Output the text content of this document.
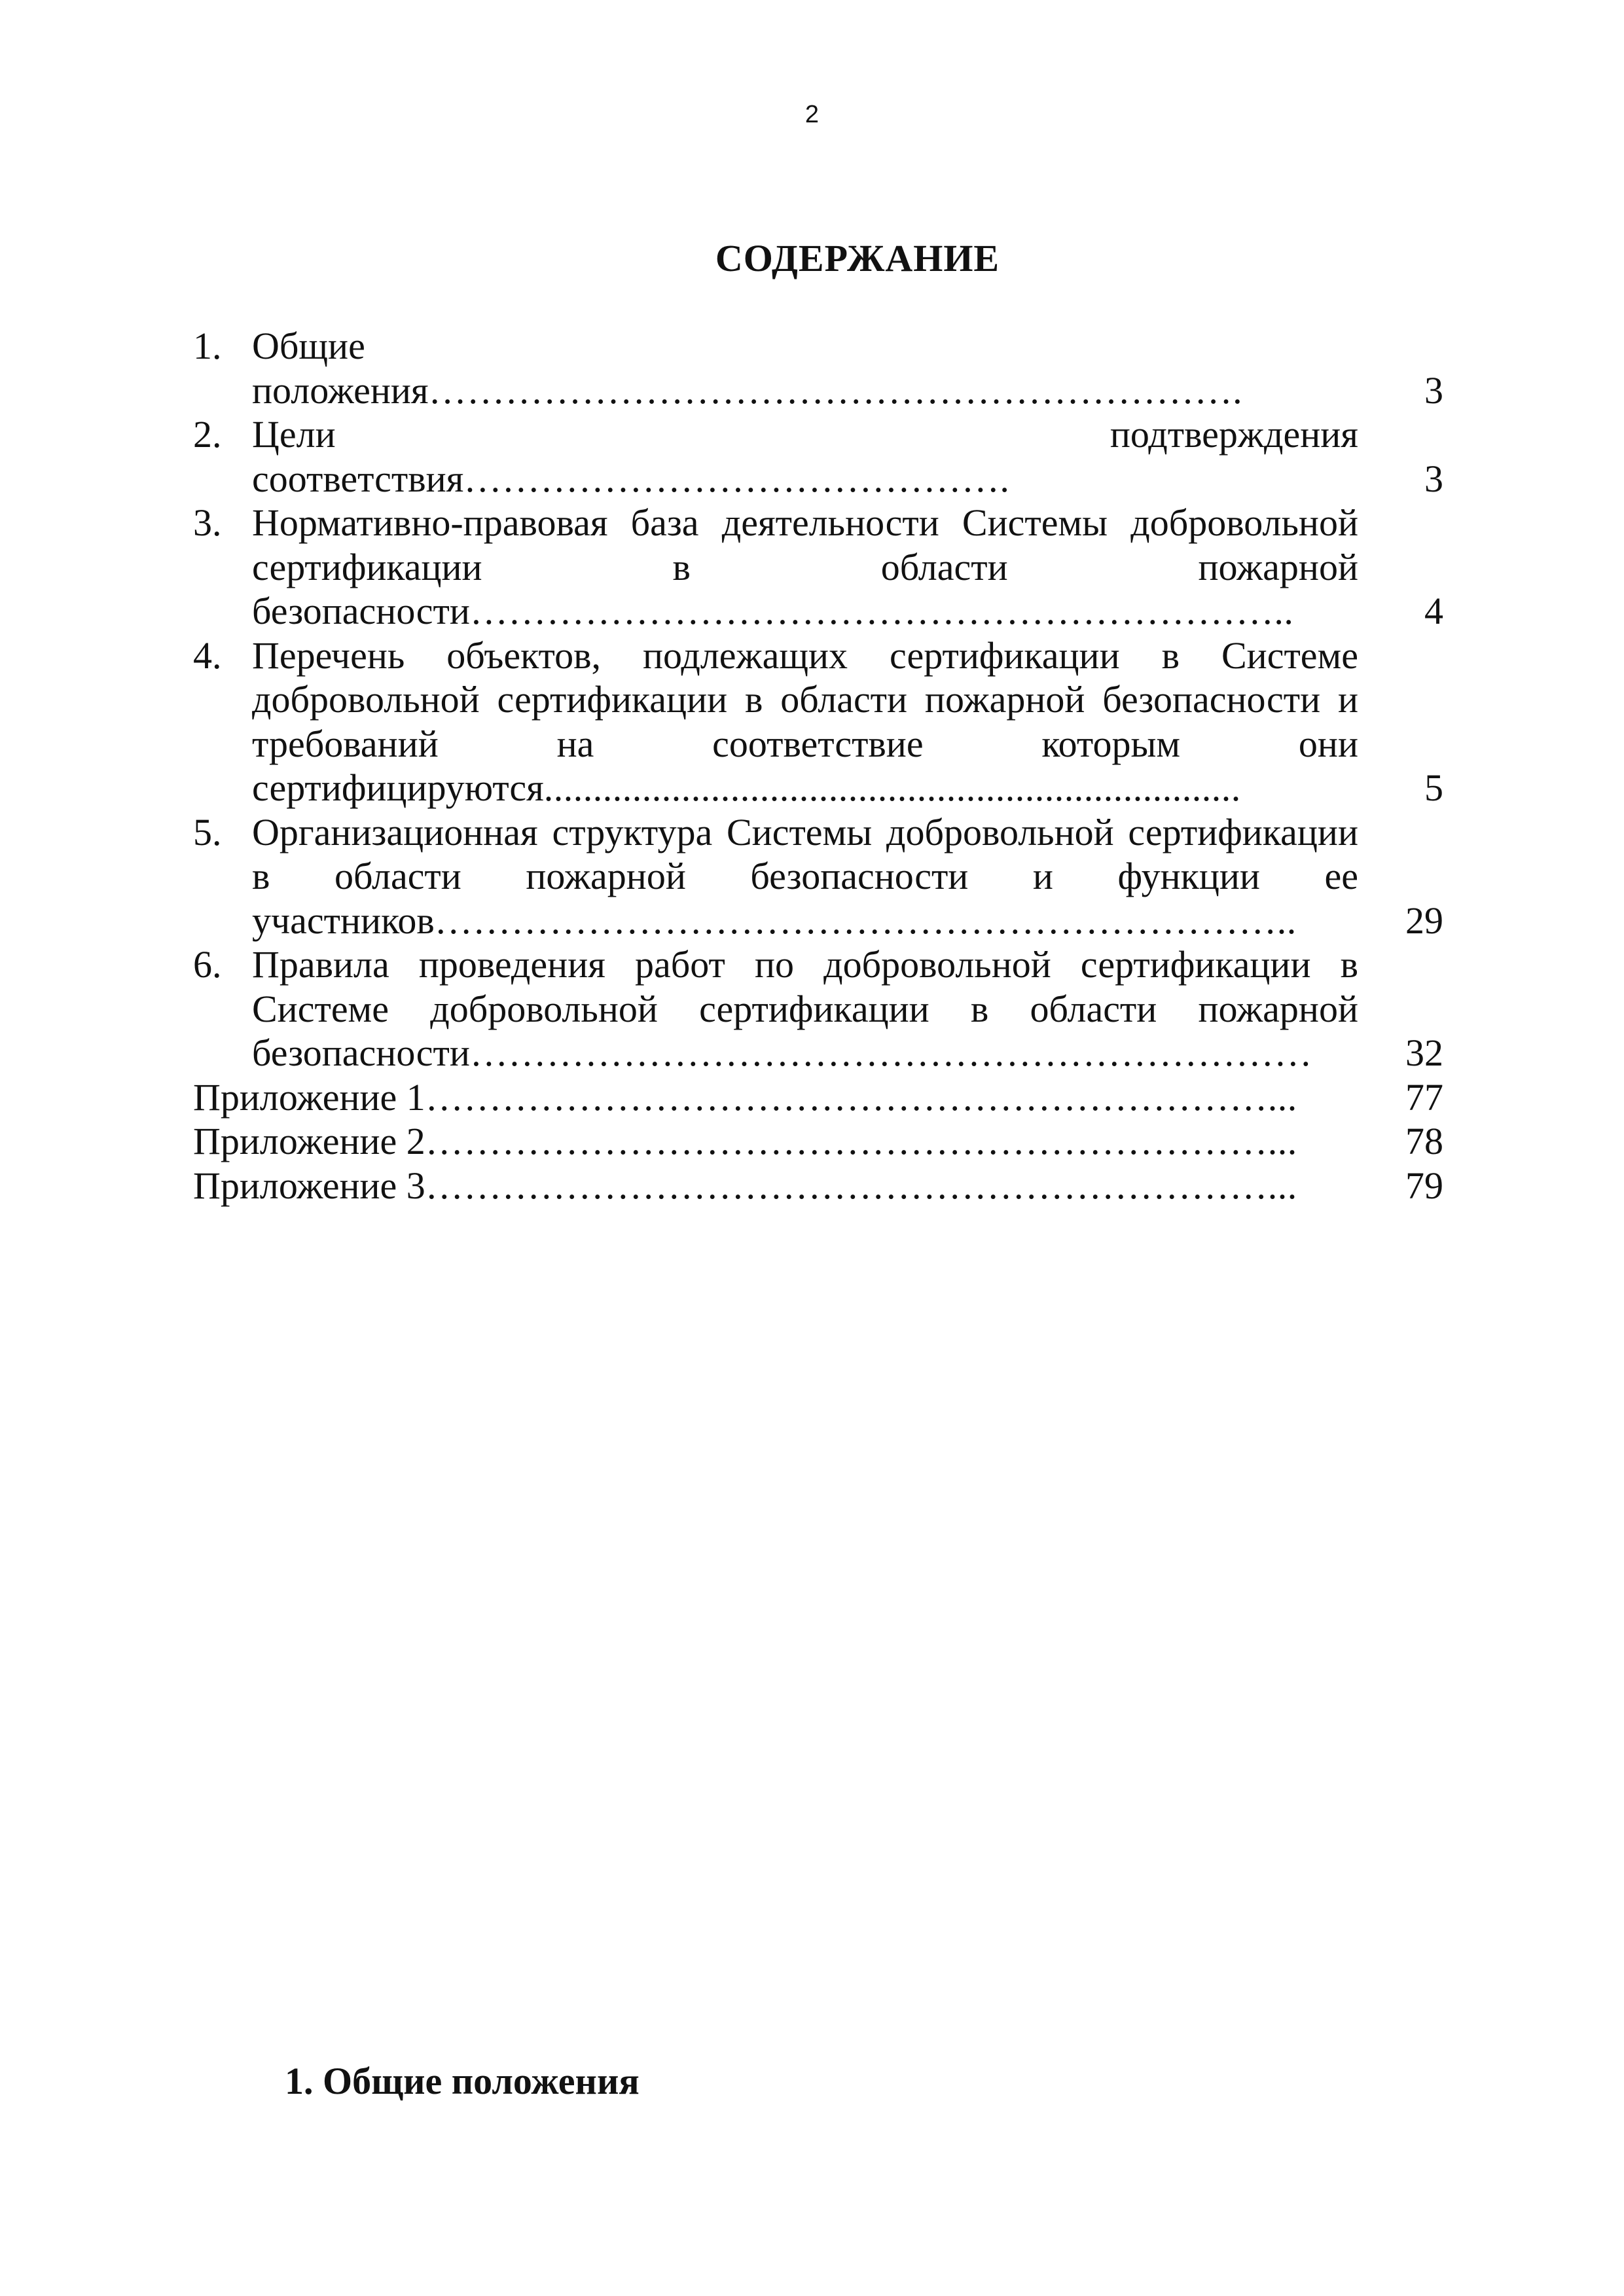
2
СОДЕРЖАНИЕ
1. Общие положения……………………………………………………….	3
2. Цели подтверждения соответствия…………………………………….	3
3. Нормативно-правовая база деятельности Системы добровольной сертификации в области пожарной безопасности………………………………………………………..	4
4. Перечень объектов, подлежащих сертификации в Системе добровольной сертификации в области пожарной безопасности и требований на соответствие которым они сертифицируются.......................................................................	5
5. Организационная структура Системы добровольной сертификации в области пожарной безопасности и функции ее участников…………………………………………………………..	29
6. Правила проведения работ по добровольной сертификации в Системе добровольной сертификации в области пожарной безопасности…………………………………………………………	32
Приложение 1…………………………………………………………...	77
Приложение 2…………………………………………………………...	78
Приложение 3…………………………………………………………...	79
1. Общие положения
